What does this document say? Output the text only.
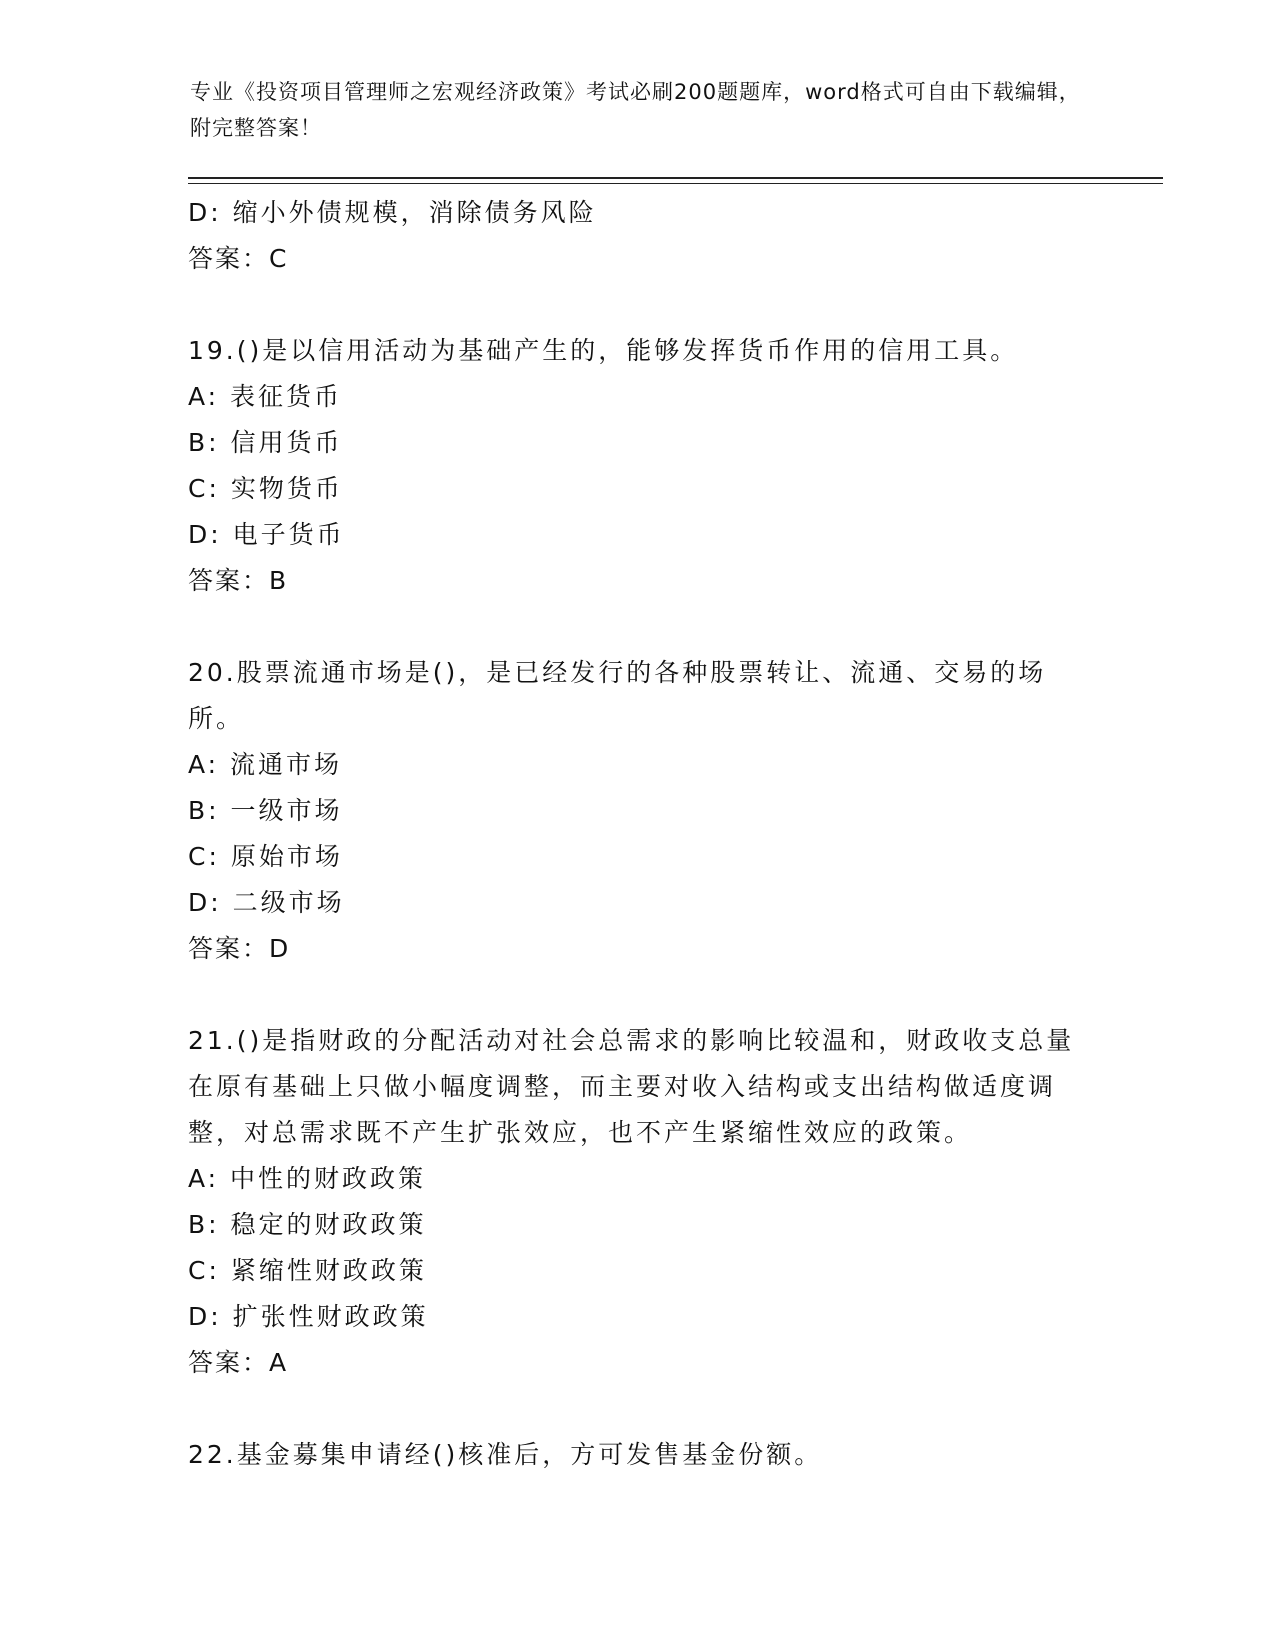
专业《投资项目管理师之宏观经济政策》考试必刷200题题库，word格式可自由下载编辑，附完整答案！
D: 缩小外债规模，消除债务风险
答案：C
19.()是以信用活动为基础产生的，能够发挥货币作用的信用工具。
A: 表征货币
B: 信用货币
C: 实物货币
D: 电子货币
答案：B
20.股票流通市场是()，是已经发行的各种股票转让、流通、交易的场所。
A: 流通市场
B: 一级市场
C: 原始市场
D: 二级市场
答案：D
21.()是指财政的分配活动对社会总需求的影响比较温和，财政收支总量在原有基础上只做小幅度调整，而主要对收入结构或支出结构做适度调整，对总需求既不产生扩张效应，也不产生紧缩性效应的政策。
A: 中性的财政政策
B: 稳定的财政政策
C: 紧缩性财政政策
D: 扩张性财政政策
答案：A
22.基金募集申请经()核准后，方可发售基金份额。
